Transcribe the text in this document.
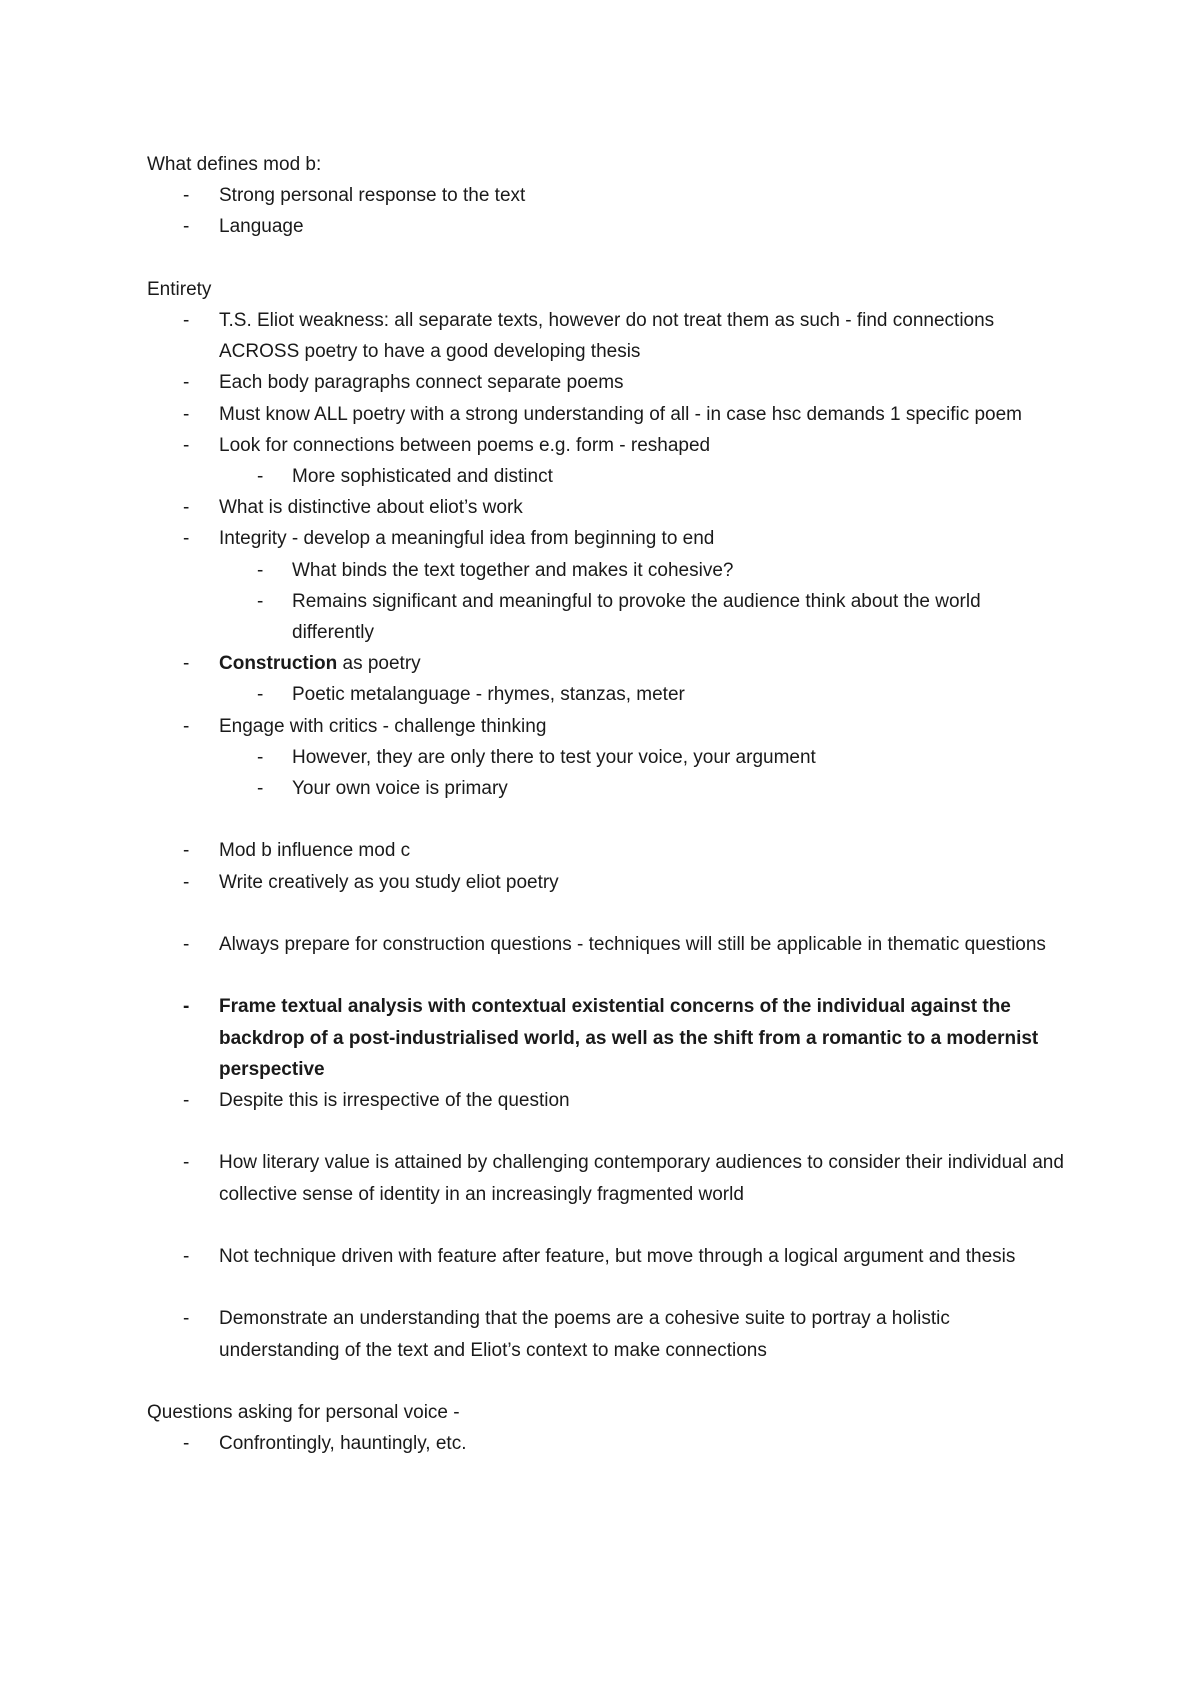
What defines mod b:
- Strong personal response to the text
- Language
Entirety
- T.S. Eliot weakness: all separate texts, however do not treat them as such - find connections ACROSS poetry to have a good developing thesis
- Each body paragraphs connect separate poems
- Must know ALL poetry with a strong understanding of all - in case hsc demands 1 specific poem
- Look for connections between poems e.g. form - reshaped
- More sophisticated and distinct
- What is distinctive about eliot’s work
- Integrity - develop a meaningful idea from beginning to end
- What binds the text together and makes it cohesive?
- Remains significant and meaningful to provoke the audience think about the world differently
- Construction as poetry
- Poetic metalanguage - rhymes, stanzas, meter
- Engage with critics - challenge thinking
- However, they are only there to test your voice, your argument
- Your own voice is primary
- Mod b influence mod c
- Write creatively as you study eliot poetry
- Always prepare for construction questions - techniques will still be applicable in thematic questions
- Frame textual analysis with contextual existential concerns of the individual against the backdrop of a post-industrialised world, as well as the shift from a romantic to a modernist perspective
- Despite this is irrespective of the question
- How literary value is attained by challenging contemporary audiences to consider their individual and collective sense of identity in an increasingly fragmented world
- Not technique driven with feature after feature, but move through a logical argument and thesis
- Demonstrate an understanding that the poems are a cohesive suite to portray a holistic understanding of the text and Eliot’s context to make connections
Questions asking for personal voice -
- Confrontingly, hauntingly, etc.
